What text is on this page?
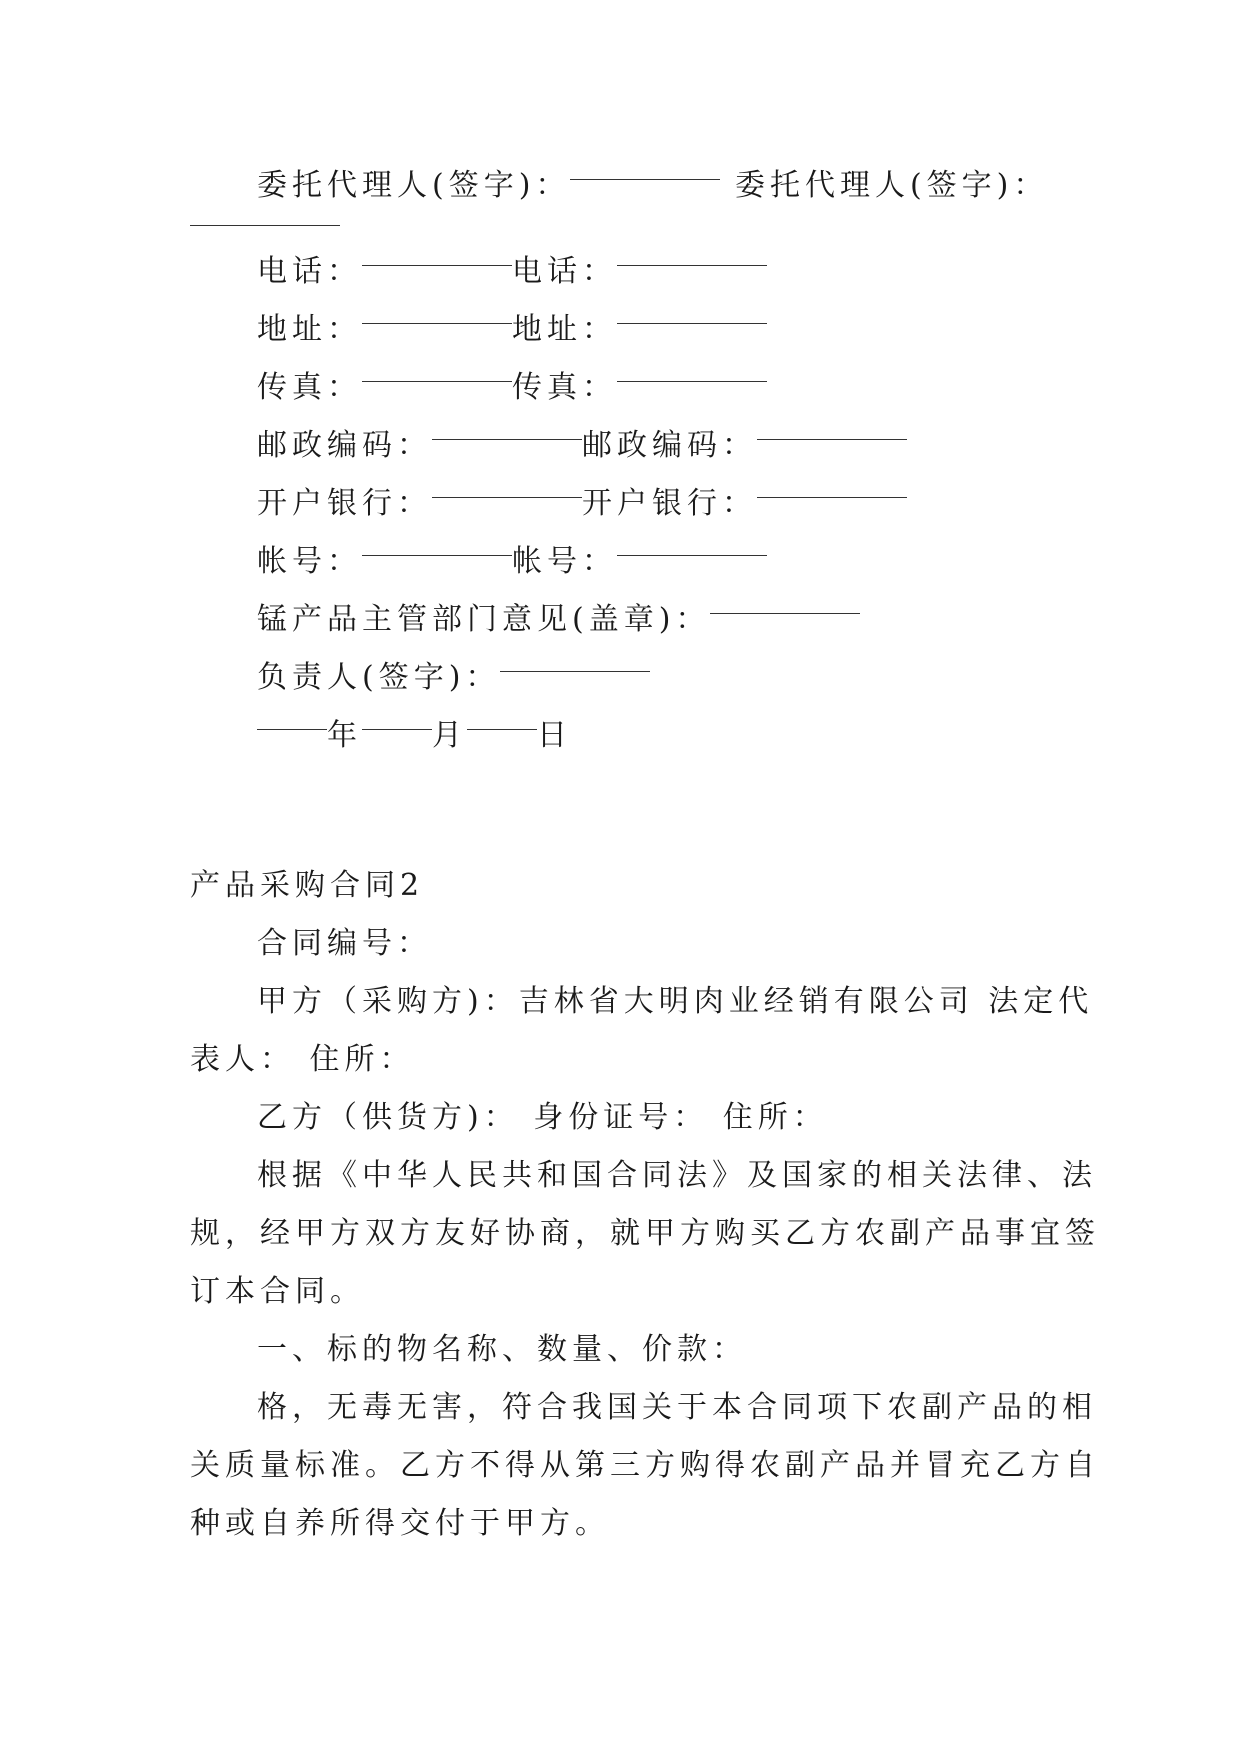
委托代理人(签字)：	委托代理人(签字)：
电话：	电话：
地址：	地址：
传真：	传真：
邮政编码：	邮政编码：
开户银行：	开户银行：
帐号：	帐号：
锰产品主管部门意见(盖章)：
负责人(签字)：
年 月 日
产品采购合同2
合同编号：
甲方（采购方)：吉林省大明肉业经销有限公司 法定代
表人： 住所：
乙方（供货方)： 身份证号： 住所：
根据《中华人民共和国合同法》及国家的相关法律、法
规，经甲方双方友好协商，就甲方购买乙方农副产品事宜签
订本合同。
一、标的物名称、数量、价款：
格，无毒无害，符合我国关于本合同项下农副产品的相
关质量标准。乙方不得从第三方购得农副产品并冒充乙方自
种或自养所得交付于甲方。
